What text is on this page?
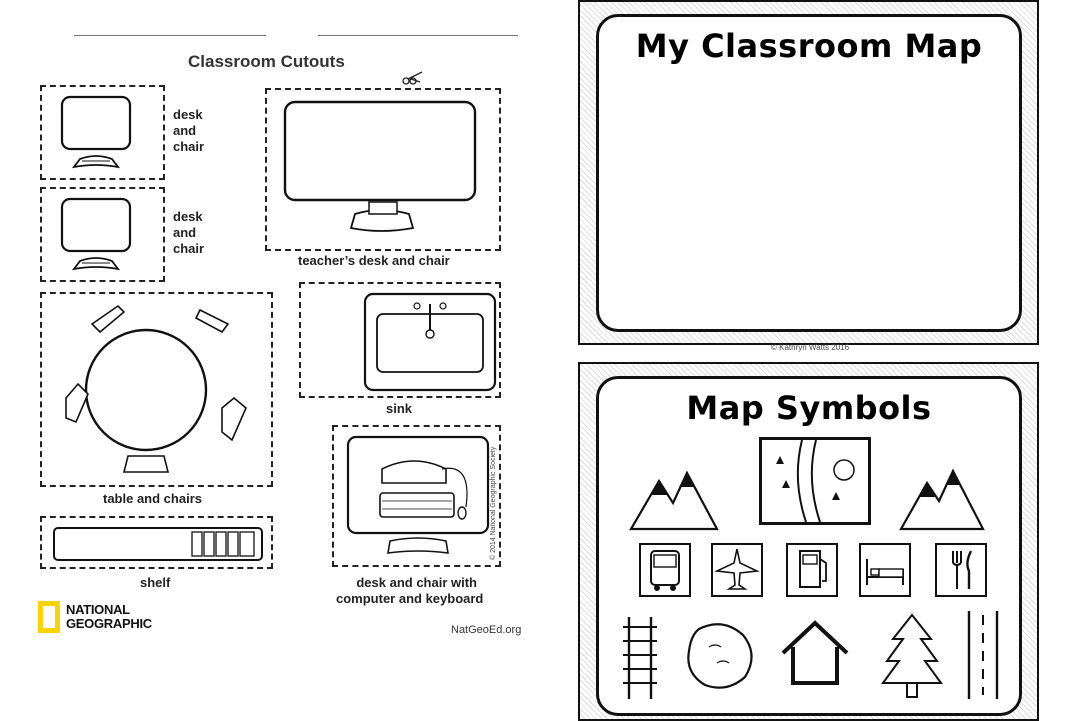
Classroom Cutouts
desk
and
chair
desk
and
chair
teacher’s desk and chair
table and chairs
sink
shelf	desk and chair with
computer and keyboard
© 2014 National Geographic Society
NATIONAL
GEOGRAPHIC	NatGeoEd.org
My Classroom Map
© Kathryn Watts 2016
Map Symbols
